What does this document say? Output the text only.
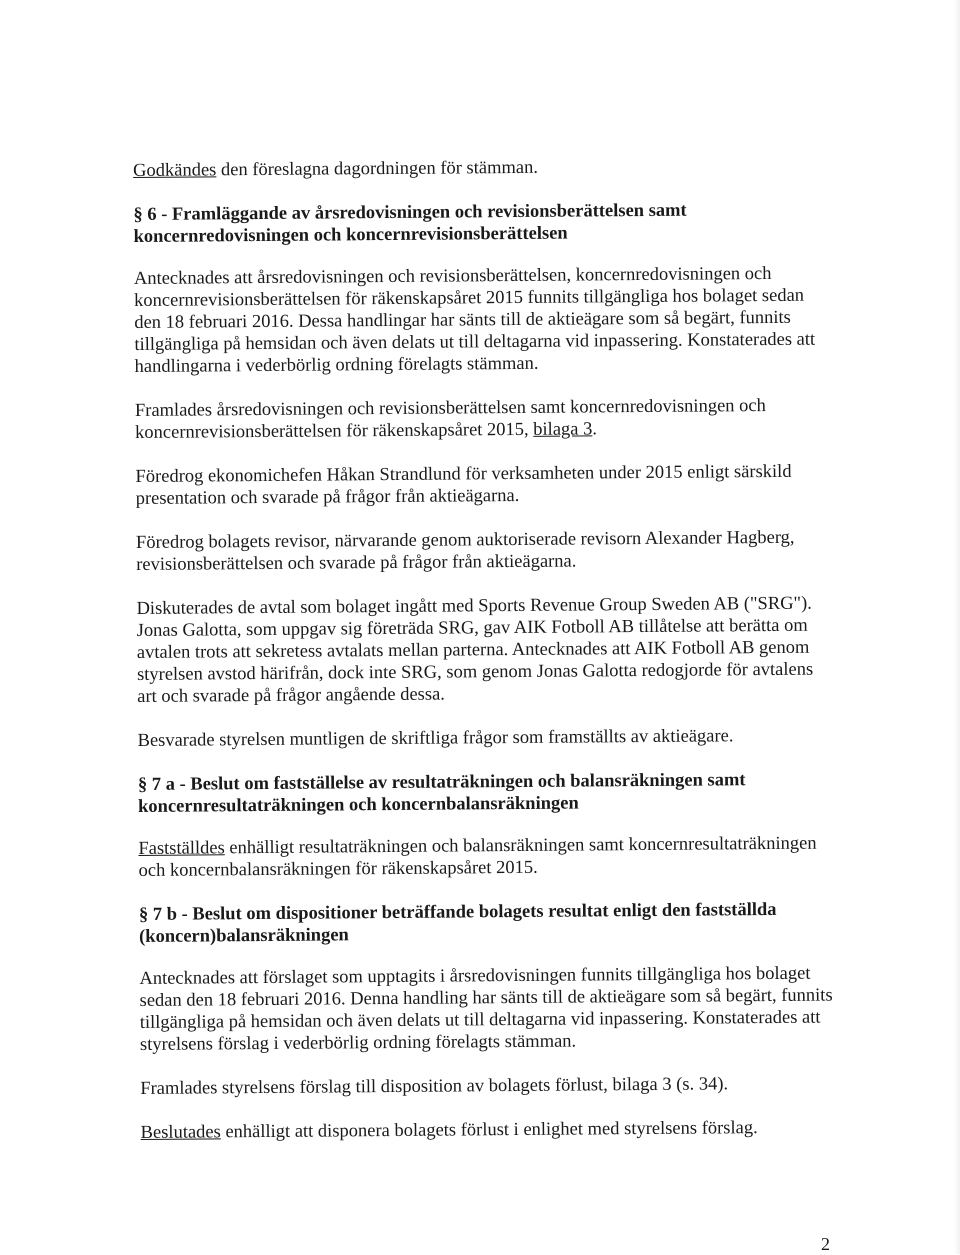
Godkändes den föreslagna dagordningen för stämman.
§ 6 - Framläggande av årsredovisningen och revisionsberättelsen samt
koncernredovisningen och koncernrevisionsberättelsen
Antecknades att årsredovisningen och revisionsberättelsen, koncernredovisningen och
koncernrevisionsberättelsen för räkenskapsåret 2015 funnits tillgängliga hos bolaget sedan
den 18 februari 2016. Dessa handlingar har sänts till de aktieägare som så begärt, funnits
tillgängliga på hemsidan och även delats ut till deltagarna vid inpassering. Konstaterades att
handlingarna i vederbörlig ordning förelagts stämman.
Framlades årsredovisningen och revisionsberättelsen samt koncernredovisningen och
koncernrevisionsberättelsen för räkenskapsåret 2015, bilaga 3.
Föredrog ekonomichefen Håkan Strandlund för verksamheten under 2015 enligt särskild
presentation och svarade på frågor från aktieägarna.
Föredrog bolagets revisor, närvarande genom auktoriserade revisorn Alexander Hagberg,
revisionsberättelsen och svarade på frågor från aktieägarna.
Diskuterades de avtal som bolaget ingått med Sports Revenue Group Sweden AB ("SRG").
Jonas Galotta, som uppgav sig företräda SRG, gav AIK Fotboll AB tillåtelse att berätta om
avtalen trots att sekretess avtalats mellan parterna. Antecknades att AIK Fotboll AB genom
styrelsen avstod härifrån, dock inte SRG, som genom Jonas Galotta redogjorde för avtalens
art och svarade på frågor angående dessa.
Besvarade styrelsen muntligen de skriftliga frågor som framställts av aktieägare.
§ 7 a - Beslut om fastställelse av resultaträkningen och balansräkningen samt
koncernresultaträkningen och koncernbalansräkningen
Fastställdes enhälligt resultaträkningen och balansräkningen samt koncernresultaträkningen
och koncernbalansräkningen för räkenskapsåret 2015.
§ 7 b - Beslut om dispositioner beträffande bolagets resultat enligt den fastställda
(koncern)balansräkningen
Antecknades att förslaget som upptagits i årsredovisningen funnits tillgängliga hos bolaget
sedan den 18 februari 2016. Denna handling har sänts till de aktieägare som så begärt, funnits
tillgängliga på hemsidan och även delats ut till deltagarna vid inpassering. Konstaterades att
styrelsens förslag i vederbörlig ordning förelagts stämman.
Framlades styrelsens förslag till disposition av bolagets förlust, bilaga 3 (s. 34).
Beslutades enhälligt att disponera bolagets förlust i enlighet med styrelsens förslag.
2
